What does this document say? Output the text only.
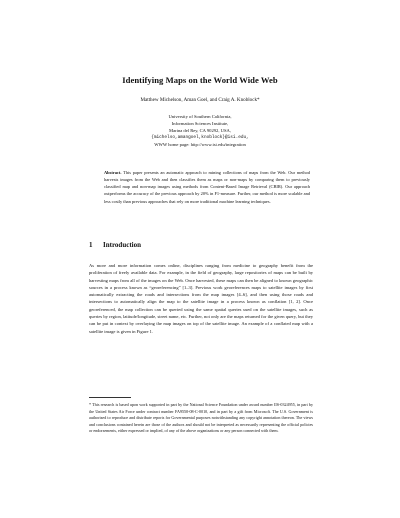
Identifying Maps on the World Wide Web
Matthew Michelson, Aman Goel, and Craig A. Knoblock*
University of Southern California,
Information Sciences Institute,
Marina del Rey, CA 90292, USA,
{michelso,amangoel,knoblock}@isi.edu,
WWW home page: http://www.isi.edu/integration
Abstract. This paper presents an automatic approach to mining collections of maps from the Web. Our method harvests images from the Web and then classifies them as maps or non-maps by comparing them to previously classified map and non-map images using methods from Content-Based Image Retrieval (CBIR). Our approach outperforms the accuracy of the previous approach by 20% in F1-measure. Further, our method is more scalable and less costly than previous approaches that rely on more traditional machine learning techniques.
1 Introduction
As more and more information comes online, disciplines ranging from medicine to geography benefit from the proliferation of freely available data. For example, in the field of geography, large repositories of maps can be built by harvesting maps from all of the images on the Web. Once harvested, these maps can then be aligned to known geographic sources in a process known as “georeferencing” [1–3]. Previous work georeferences maps to satellite images by first automatically extracting the roads and intersections from the map images [4–6], and then using those roads and intersections to automatically align the map to the satellite image in a process known as conflation [1, 2]. Once georeferenced, the map collection can be queried using the same spatial queries used on the satellite images, such as queries by region, latitude/longitude, street name, etc. Further, not only are the maps returned for the given query, but they can be put in context by overlaying the map images on top of the satellite image. An example of a conflated map with a satellite image is given in Figure 1.
* This research is based upon work supported in part by the National Science Foundation under award number IIS-0324955, in part by the United States Air Force under contract number FA9550-08-C-0010, and in part by a gift from Microsoft. The U.S. Government is authorized to reproduce and distribute reports for Governmental purposes notwithstanding any copyright annotation thereon. The views and conclusions contained herein are those of the authors and should not be interpreted as necessarily representing the official policies or endorsements, either expressed or implied, of any of the above organizations or any person connected with them.
